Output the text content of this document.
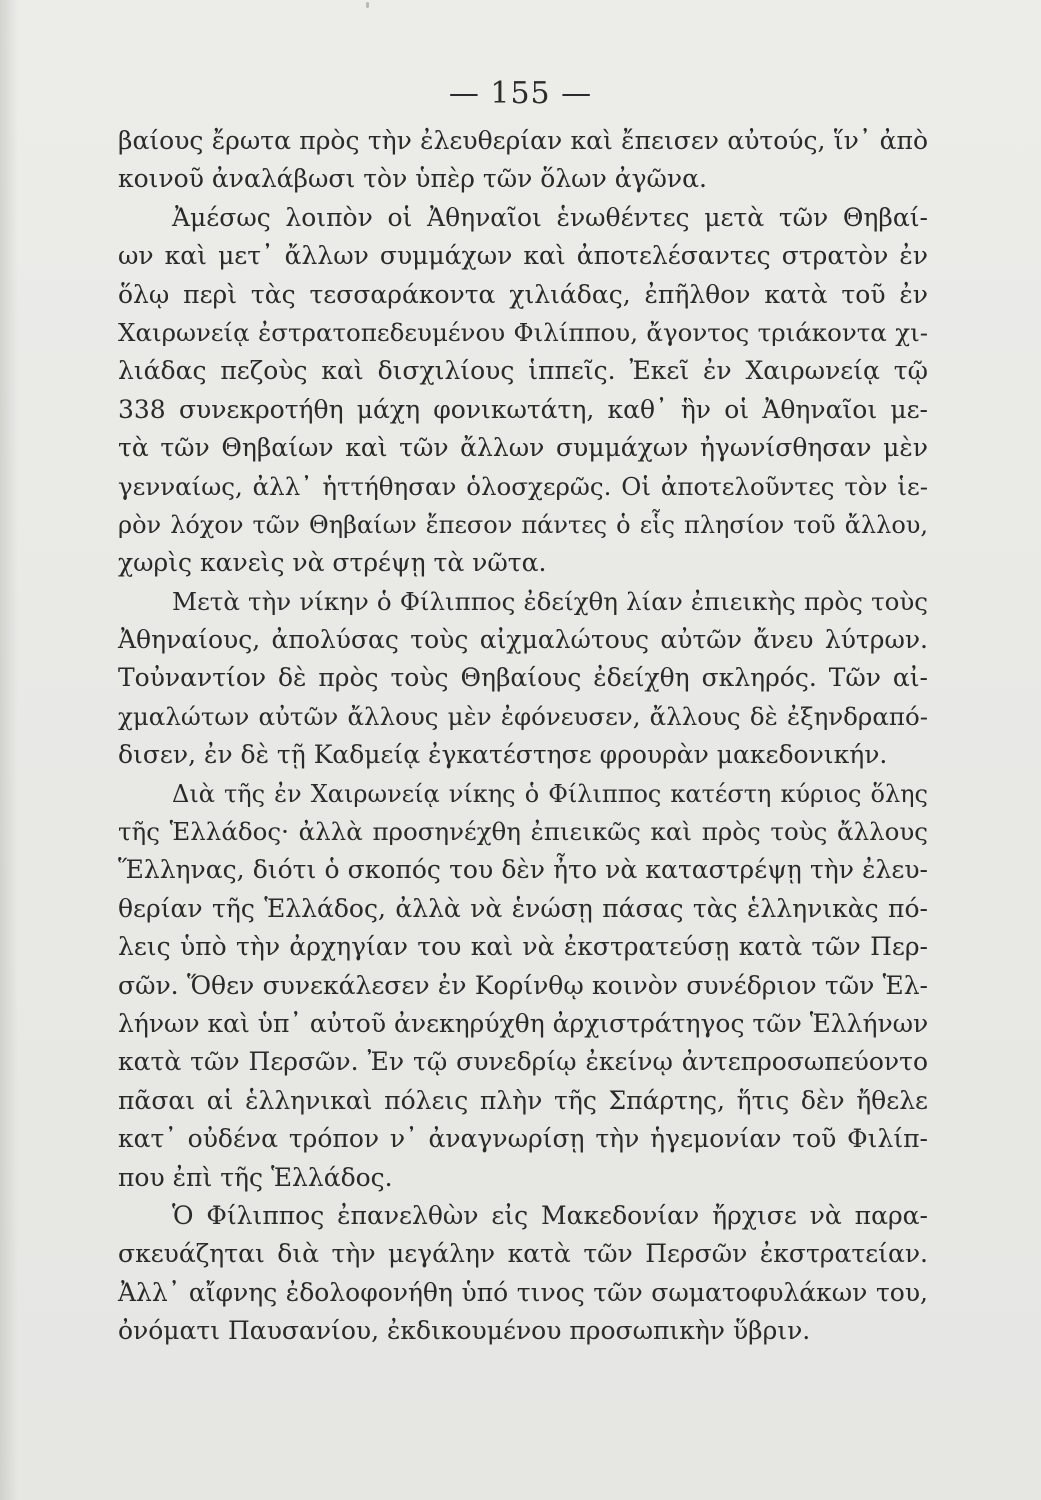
— 155 —
βαίους ἔρωτα πρὸς τὴν ἐλευθερίαν καὶ ἔπεισεν αὐτούς, ἵν᾽ ἀπὸ
κοινοῦ ἀναλάβωσι τὸν ὑπὲρ τῶν ὅλων ἀγῶνα.
Ἀμέσως λοιπὸν οἱ Ἀθηναῖοι ἑνωθέντες μετὰ τῶν Θηβαί-
ων καὶ μετ᾽ ἄλλων συμμάχων καὶ ἀποτελέσαντες στρατὸν ἐν
ὅλῳ περὶ τὰς τεσσαράκοντα χιλιάδας, ἐπῆλθον κατὰ τοῦ ἐν
Χαιρωνείᾳ ἐστρατοπεδευμένου Φιλίππου, ἄγοντος τριάκοντα χι-
λιάδας πεζοὺς καὶ δισχιλίους ἱππεῖς. Ἐκεῖ ἐν Χαιρωνείᾳ τῷ
338 συνεκροτήθη μάχη φονικωτάτη, καθ᾽ ἣν οἱ Ἀθηναῖοι με-
τὰ τῶν Θηβαίων καὶ τῶν ἄλλων συμμάχων ἠγωνίσθησαν μὲν
γενναίως, ἀλλ᾽ ἡττήθησαν ὁλοσχερῶς. Οἱ ἀποτελοῦντες τὸν ἱε-
ρὸν λόχον τῶν Θηβαίων ἔπεσον πάντες ὁ εἷς πλησίον τοῦ ἄλλου,
χωρὶς κανεὶς νὰ στρέψῃ τὰ νῶτα.
Μετὰ τὴν νίκην ὁ Φίλιππος ἐδείχθη λίαν ἐπιεικὴς πρὸς τοὺς
Ἀθηναίους, ἀπολύσας τοὺς αἰχμαλώτους αὐτῶν ἄνευ λύτρων.
Τοὐναντίον δὲ πρὸς τοὺς Θηβαίους ἐδείχθη σκληρός. Τῶν αἰ-
χμαλώτων αὐτῶν ἄλλους μὲν ἐφόνευσεν, ἄλλους δὲ ἐξηνδραπό-
δισεν, ἐν δὲ τῇ Καδμείᾳ ἐγκατέστησε φρουρὰν μακεδονικήν.
Διὰ τῆς ἐν Χαιρωνείᾳ νίκης ὁ Φίλιππος κατέστη κύριος ὅλης
τῆς Ἑλλάδος· ἀλλὰ προσηνέχθη ἐπιεικῶς καὶ πρὸς τοὺς ἄλλους
Ἕλληνας, διότι ὁ σκοπός του δὲν ἦτο νὰ καταστρέψῃ τὴν ἐλευ-
θερίαν τῆς Ἑλλάδος, ἀλλὰ νὰ ἑνώσῃ πάσας τὰς ἑλληνικὰς πό-
λεις ὑπὸ τὴν ἀρχηγίαν του καὶ νὰ ἐκστρατεύσῃ κατὰ τῶν Περ-
σῶν. Ὅθεν συνεκάλεσεν ἐν Κορίνθῳ κοινὸν συνέδριον τῶν Ἑλ-
λήνων καὶ ὑπ᾽ αὐτοῦ ἀνεκηρύχθη ἀρχιστράτηγος τῶν Ἑλλήνων
κατὰ τῶν Περσῶν. Ἐν τῷ συνεδρίῳ ἐκείνῳ ἀντεπροσωπεύοντο
πᾶσαι αἱ ἑλληνικαὶ πόλεις πλὴν τῆς Σπάρτης, ἥτις δὲν ἤθελε
κατ᾽ οὐδένα τρόπον ν᾽ ἀναγνωρίσῃ τὴν ἡγεμονίαν τοῦ Φιλίπ-
που ἐπὶ τῆς Ἑλλάδος.
Ὁ Φίλιππος ἐπανελθὼν εἰς Μακεδονίαν ἤρχισε νὰ παρα-
σκευάζηται διὰ τὴν μεγάλην κατὰ τῶν Περσῶν ἐκστρατείαν.
Ἀλλ᾽ αἴφνης ἐδολοφονήθη ὑπό τινος τῶν σωματοφυλάκων του,
ὀνόματι Παυσανίου, ἐκδικουμένου προσωπικὴν ὕβριν.
